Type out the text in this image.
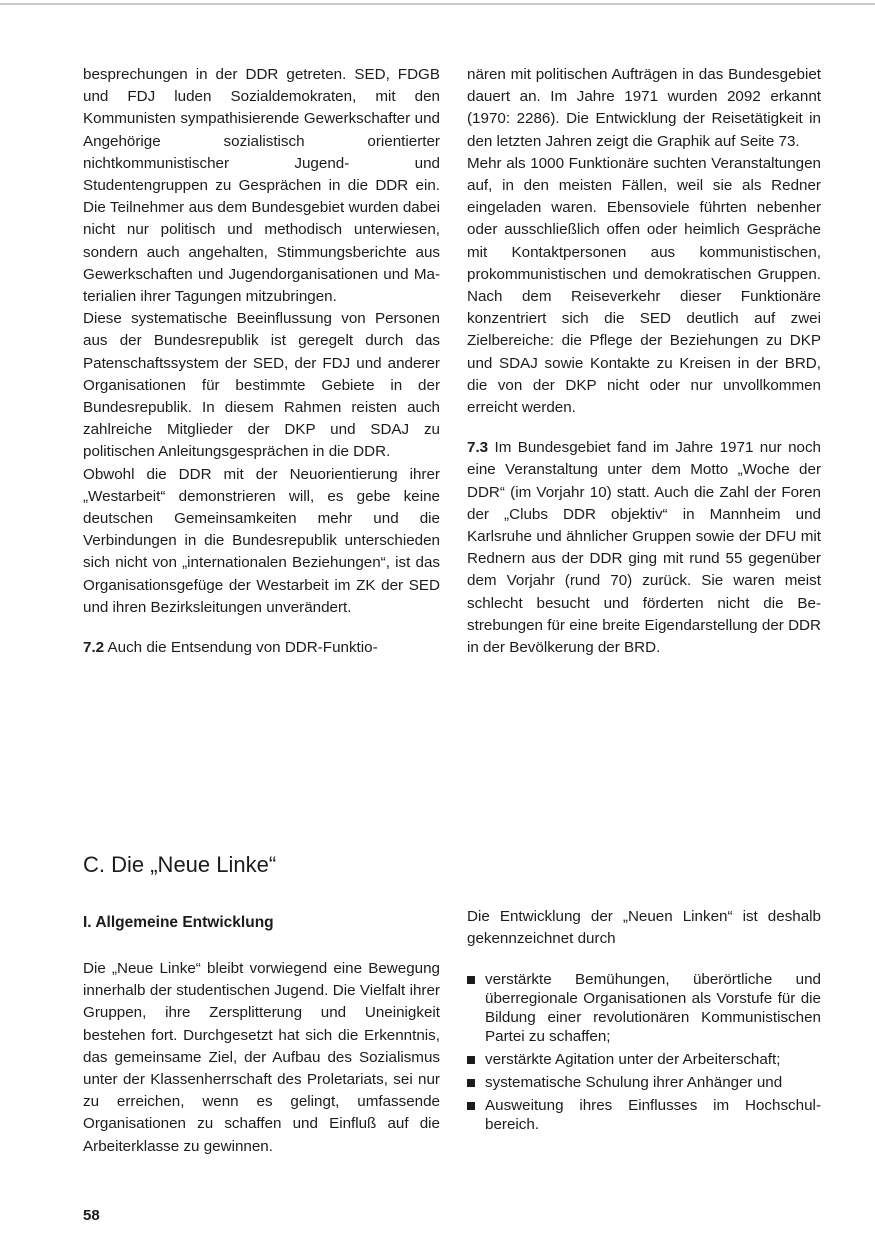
besprechungen in der DDR getreten. SED, FDGB und FDJ luden Sozialdemokraten, mit den Kommunisten sympathisierende Gewerkschafter und Angehörige sozialistisch orientierter nichtkommunistischer Jugend- und Studentengruppen zu Gesprächen in die DDR ein. Die Teilnehmer aus dem Bundesgebiet wurden dabei nicht nur politisch und methodisch unterwiesen, sondern auch angehalten, Stimmungsberichte aus Gewerkschaften und Jugendorganisationen und Materialien ihrer Tagungen mitzubringen.

Diese systematische Beeinflussung von Personen aus der Bundesrepublik ist geregelt durch das Patenschaftssystem der SED, der FDJ und anderer Organisationen für bestimmte Gebiete in der Bundesrepublik. In diesem Rahmen reisten auch zahlreiche Mitglieder der DKP und SDAJ zu politischen Anleitungsgesprächen in die DDR.

Obwohl die DDR mit der Neuorientierung ihrer „Westarbeit“ demonstrieren will, es gebe keine deutschen Gemeinsamkeiten mehr und die Verbindungen in die Bundesrepublik unterschieden sich nicht von „internationalen Beziehungen“, ist das Organisationsgefüge der Westarbeit im ZK der SED und ihren Bezirksleitungen unverändert.

7.2 Auch die Entsendung von DDR-Funktio-

nären mit politischen Aufträgen in das Bundesgebiet dauert an. Im Jahre 1971 wurden 2092 erkannt (1970: 2286). Die Entwicklung der Reisetätigkeit in den letzten Jahren zeigt die Graphik auf Seite 73.

Mehr als 1000 Funktionäre suchten Veranstaltungen auf, in den meisten Fällen, weil sie als Redner eingeladen waren. Ebensoviele führten nebenher oder ausschließlich offen oder heimlich Gespräche mit Kontaktpersonen aus kommunistischen, prokommunistischen und demokratischen Gruppen. Nach dem Reiseverkehr dieser Funktionäre konzentriert sich die SED deutlich auf zwei Zielbereiche: die Pflege der Beziehungen zu DKP und SDAJ sowie Kontakte zu Kreisen in der BRD, die von der DKP nicht oder nur unvollkommen erreicht werden.

7.3 Im Bundesgebiet fand im Jahre 1971 nur noch eine Veranstaltung unter dem Motto „Woche der DDR“ (im Vorjahr 10) statt. Auch die Zahl der Foren der „Clubs DDR objektiv“ in Mannheim und Karlsruhe und ähnlicher Gruppen sowie der DFU mit Rednern aus der DDR ging mit rund 55 gegenüber dem Vorjahr (rund 70) zurück. Sie waren meist schlecht besucht und förderten nicht die Bestrebungen für eine breite Eigendarstellung der DDR in der Bevölkerung der BRD.

C. Die „Neue Linke“
I. Allgemeine Entwicklung

Die „Neue Linke“ bleibt vorwiegend eine Bewegung innerhalb der studentischen Jugend. Die Vielfalt ihrer Gruppen, ihre Zersplitterung und Uneinigkeit bestehen fort. Durchgesetzt hat sich die Erkenntnis, das gemeinsame Ziel, der Aufbau des Sozialismus unter der Klassenherrschaft des Proletariats, sei nur zu erreichen, wenn es gelingt, umfassende Organisationen zu schaffen und Einfluß auf die Arbeiterklasse zu gewinnen.

Die Entwicklung der „Neuen Linken“ ist deshalb gekennzeichnet durch

verstärkte Bemühungen, überörtliche und überregionale Organisationen als Vorstufe für die Bildung einer revolutionären Kommunistischen Partei zu schaffen;
verstärkte Agitation unter der Arbeiterschaft;
systematische Schulung ihrer Anhänger und
Ausweitung ihres Einflusses im Hochschulbereich.
58
